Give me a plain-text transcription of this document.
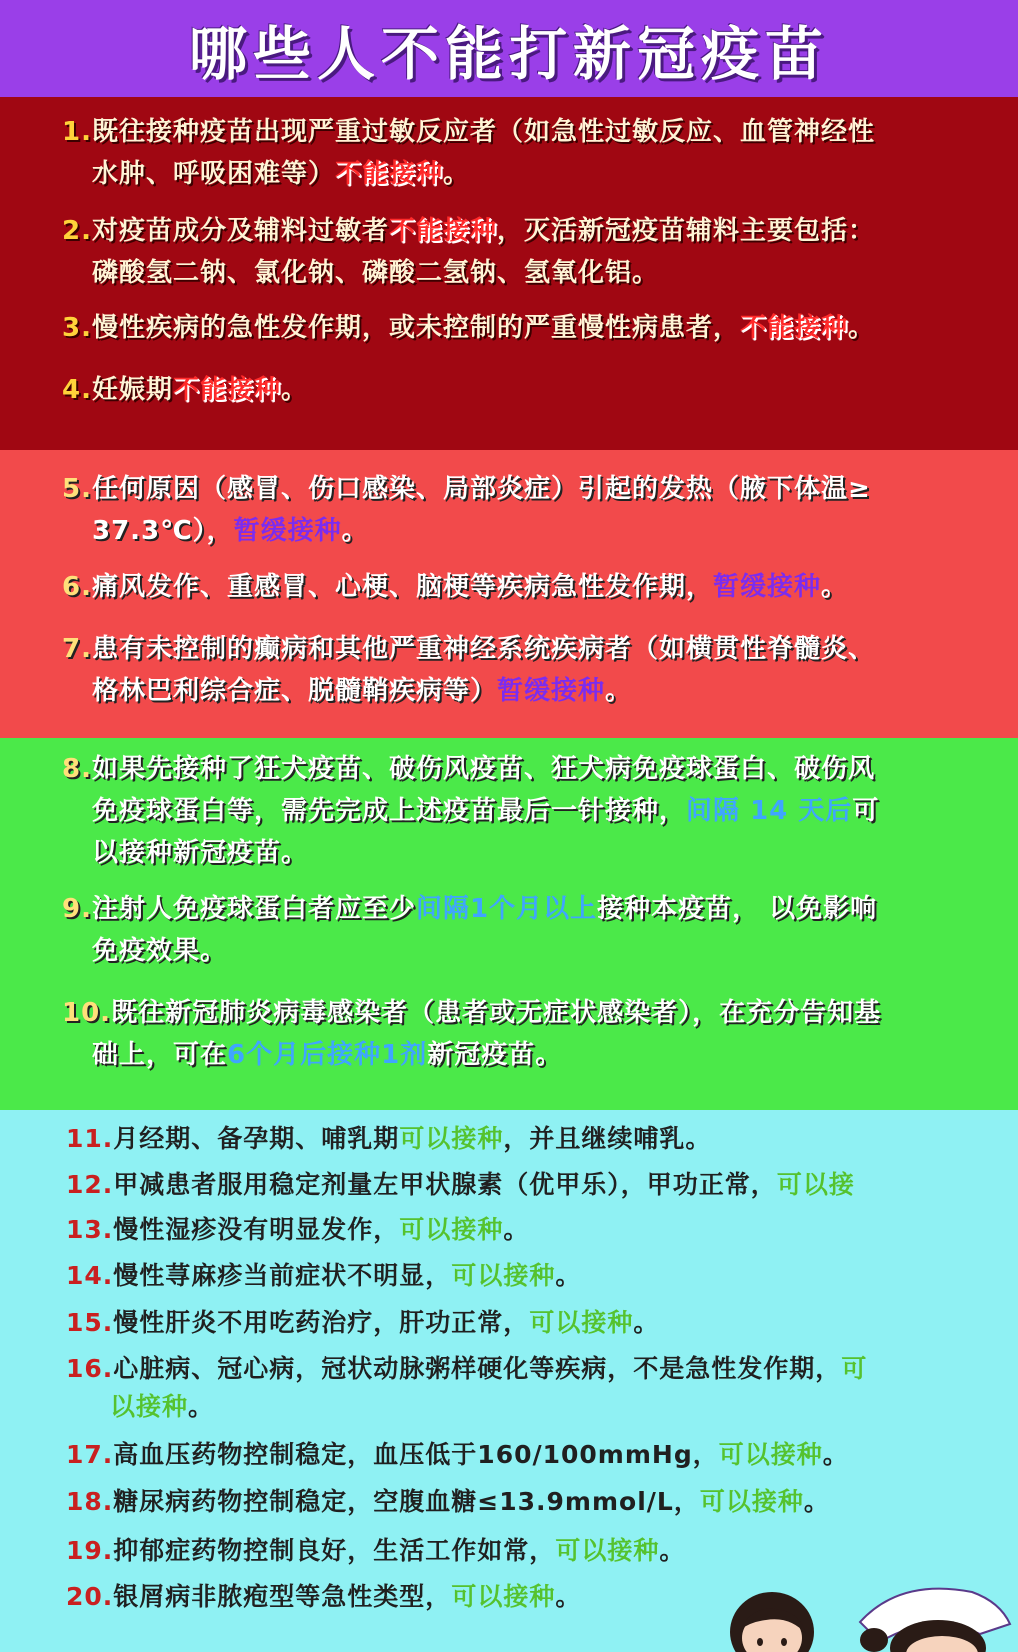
哪些人不能打新冠疫苗
1.既往接种疫苗出现严重过敏反应者（如急性过敏反应、血管神经性
水肿、呼吸困难等）不能接种。
2.对疫苗成分及辅料过敏者不能接种，灭活新冠疫苗辅料主要包括：
磷酸氢二钠、氯化钠、磷酸二氢钠、氢氧化铝。
3.慢性疾病的急性发作期，或未控制的严重慢性病患者，不能接种。
4.妊娠期不能接种。
5.任何原因（感冒、伤口感染、局部炎症）引起的发热（腋下体温≥
37.3℃），暂缓接种。
6.痛风发作、重感冒、心梗、脑梗等疾病急性发作期，暂缓接种。
7.患有未控制的癫病和其他严重神经系统疾病者（如横贯性脊髓炎、
格林巴利综合症、脱髓鞘疾病等）暂缓接种。
8.如果先接种了狂犬疫苗、破伤风疫苗、狂犬病免疫球蛋白、破伤风
免疫球蛋白等，需先完成上述疫苗最后一针接种，间隔 14 天后可
以接种新冠疫苗。
9.注射人免疫球蛋白者应至少间隔1个月以上接种本疫苗， 以免影响
免疫效果。
10.既往新冠肺炎病毒感染者（患者或无症状感染者），在充分告知基
础上，可在6个月后接种1剂新冠疫苗。
11.月经期、备孕期、哺乳期可以接种，并且继续哺乳。
12.甲减患者服用稳定剂量左甲状腺素（优甲乐），甲功正常，可以接
13.慢性湿疹没有明显发作，可以接种。
14.慢性荨麻疹当前症状不明显，可以接种。
15.慢性肝炎不用吃药治疗，肝功正常，可以接种。
16.心脏病、冠心病，冠状动脉粥样硬化等疾病，不是急性发作期，可
以接种。
17.高血压药物控制稳定，血压低于160/100mmHg，可以接种。
18.糖尿病药物控制稳定，空腹血糖≤13.9mmol/L，可以接种。
19.抑郁症药物控制良好，生活工作如常，可以接种。
20.银屑病非脓疱型等急性类型，可以接种。
